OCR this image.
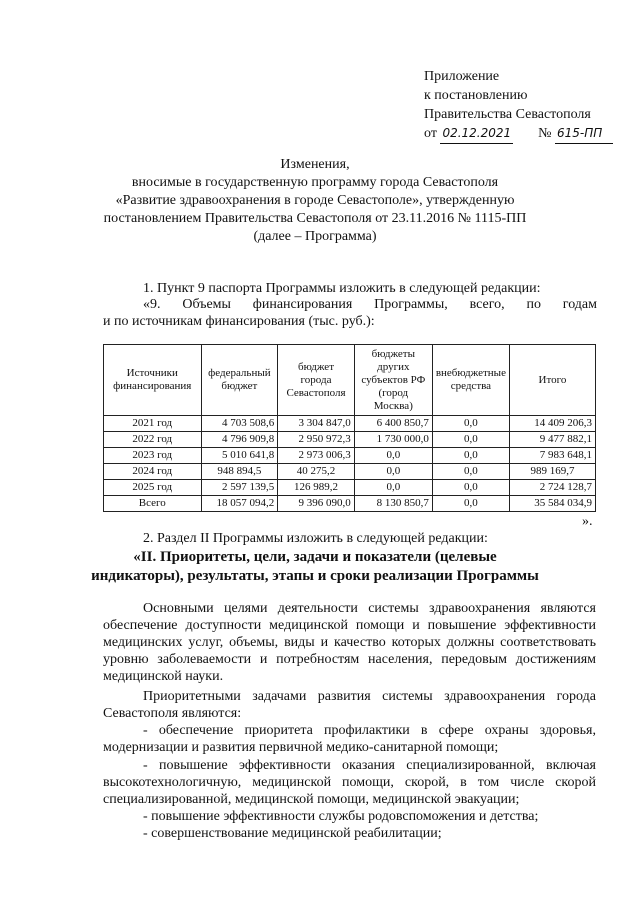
Приложение
к постановлению
Правительства Севастополя
от 02.12.2021 № 615-ПП
Изменения,
вносимые в государственную программу города Севастополя
«Развитие здравоохранения в городе Севастополе», утвержденную
постановлением Правительства Севастополя от 23.11.2016 № 1115-ПП
(далее – Программа)
1. Пункт 9 паспорта Программы изложить в следующей редакции:
«9. Объемы финансирования Программы, всего, по годам
и по источникам финансирования (тыс. руб.):
Источники финансирования	федеральный бюджет	бюджет города Севастополя	бюджеты других субъектов РФ (город Москва)	внебюджетные средства	Итого
2021 год	4 703 508,6	3 304 847,0	6 400 850,7	0,0	14 409 206,3
2022 год	4 796 909,8	2 950 972,3	1 730 000,0	0,0	9 477 882,1
2023 год	5 010 641,8	2 973 006,3	0,0	0,0	7 983 648,1
2024 год	948 894,5	40 275,2	0,0	0,0	989 169,7
2025 год	2 597 139,5	126 989,2	0,0	0,0	2 724 128,7
Всего	18 057 094,2	9 396 090,0	8 130 850,7	0,0	35 584 034,9
».
2. Раздел II Программы изложить в следующей редакции:
«II. Приоритеты, цели, задачи и показатели (целевые
индикаторы), результаты, этапы и сроки реализации Программы
Основными целями деятельности системы здравоохранения являются обеспечение доступности медицинской помощи и повышение эффективности медицинских услуг, объемы, виды и качество которых должны соответствовать уровню заболеваемости и потребностям населения, передовым достижениям медицинской науки.
Приоритетными задачами развития системы здравоохранения города Севастополя являются:
- обеспечение приоритета профилактики в сфере охраны здоровья, модернизации и развития первичной медико-санитарной помощи;
- повышение эффективности оказания специализированной, включая высокотехнологичную, медицинской помощи, скорой, в том числе скорой специализированной, медицинской помощи, медицинской эвакуации;
- повышение эффективности службы родовспоможения и детства;
- совершенствование медицинской реабилитации;
